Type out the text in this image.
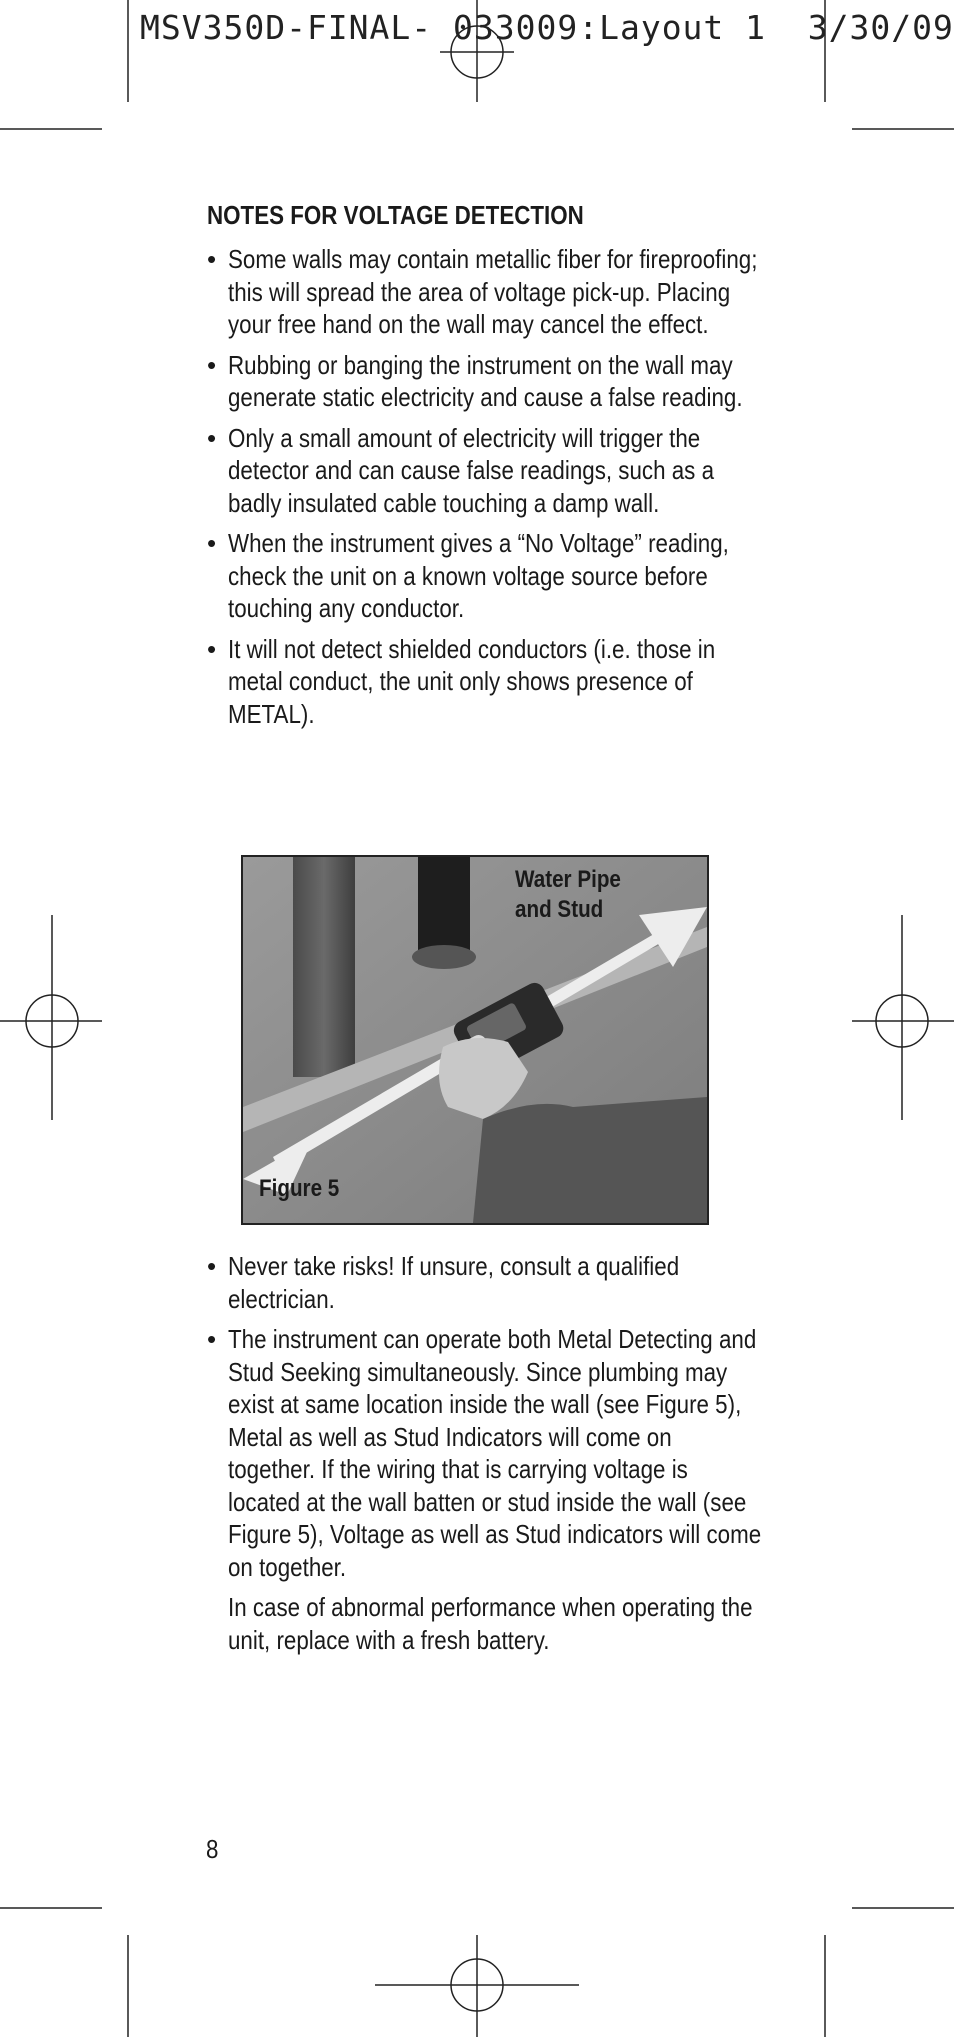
MSV350D-FINAL- 033009:Layout 1  3/30/09
NOTES FOR VOLTAGE DETECTION
• Some walls may contain metallic fiber for fireproofing; this will spread the area of voltage pick-up. Placing your free hand on the wall may cancel the effect.
• Rubbing or banging the instrument on the wall may generate static electricity and cause a false reading.
• Only a small amount of electricity will trigger the detector and can cause false readings, such as a badly insulated cable touching a damp wall.
• When the instrument gives a “No Voltage” reading, check the unit on a known voltage source before touching any conductor.
• It will not detect shielded conductors (i.e. those in metal conduct, the unit only shows presence of METAL).
Water Pipe and Stud
Figure 5
• Never take risks! If unsure, consult a qualified electrician.
• The instrument can operate both Metal Detecting and Stud Seeking simultaneously. Since plumbing may exist at same location inside the wall (see Figure 5), Metal as well as Stud Indicators will come on together. If the wiring that is carrying voltage is located at the wall batten or stud inside the wall (see Figure 5), Voltage as well as Stud indicators will come on together.

In case of abnormal performance when operating the unit, replace with a fresh battery.

8
